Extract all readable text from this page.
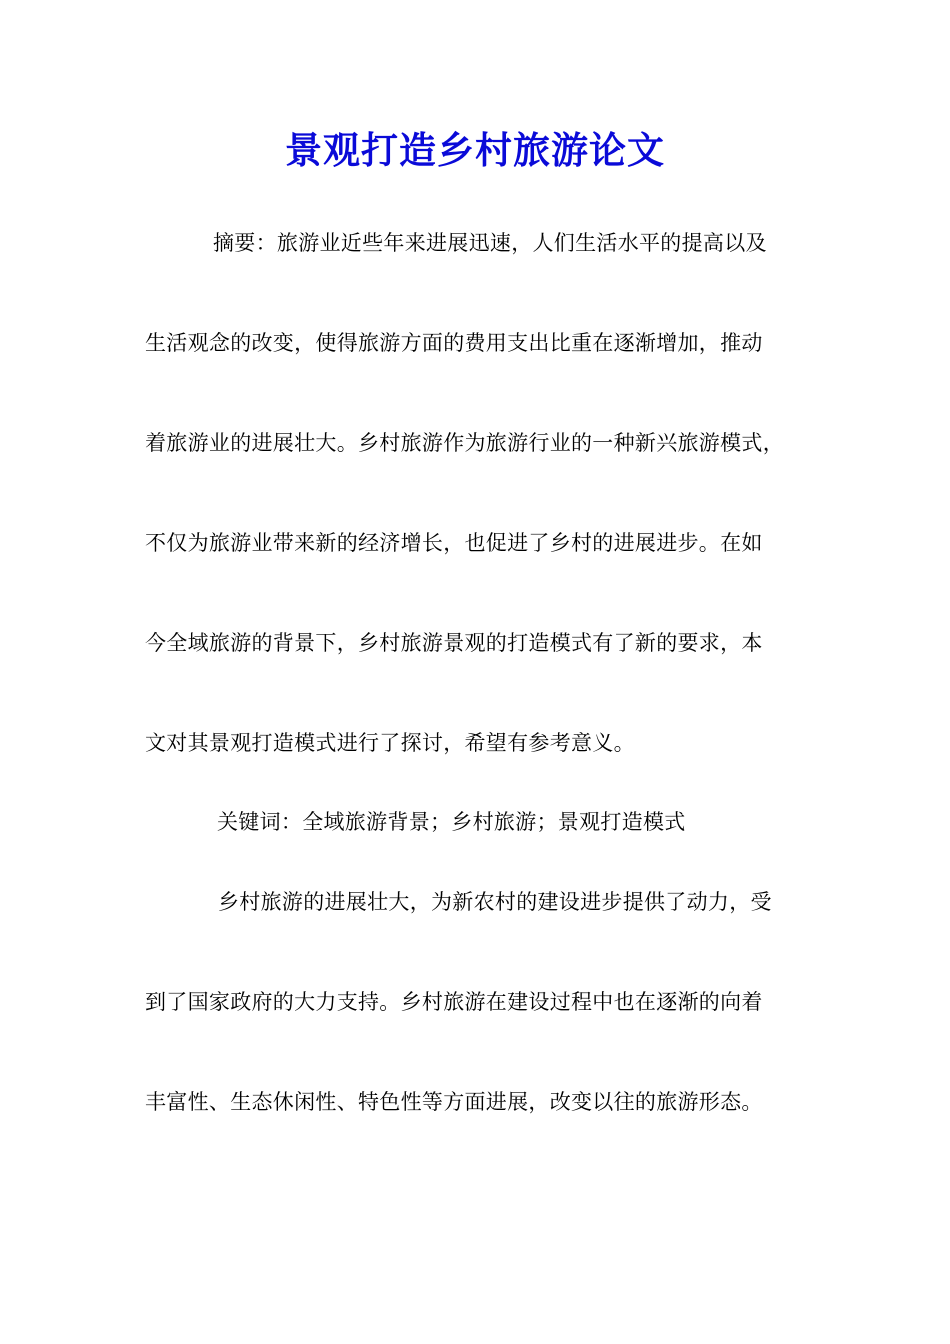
景观打造乡村旅游论文
摘要：旅游业近些年来进展迅速，人们生活水平的提高以及
生活观念的改变，使得旅游方面的费用支出比重在逐渐增加，推动
着旅游业的进展壮大。乡村旅游作为旅游行业的一种新兴旅游模式，
不仅为旅游业带来新的经济增长，也促进了乡村的进展进步。在如
今全域旅游的背景下，乡村旅游景观的打造模式有了新的要求，本
文对其景观打造模式进行了探讨，希望有参考意义。
关键词：全域旅游背景；乡村旅游；景观打造模式
乡村旅游的进展壮大，为新农村的建设进步提供了动力，受
到了国家政府的大力支持。乡村旅游在建设过程中也在逐渐的向着
丰富性、生态休闲性、特色性等方面进展，改变以往的旅游形态。
